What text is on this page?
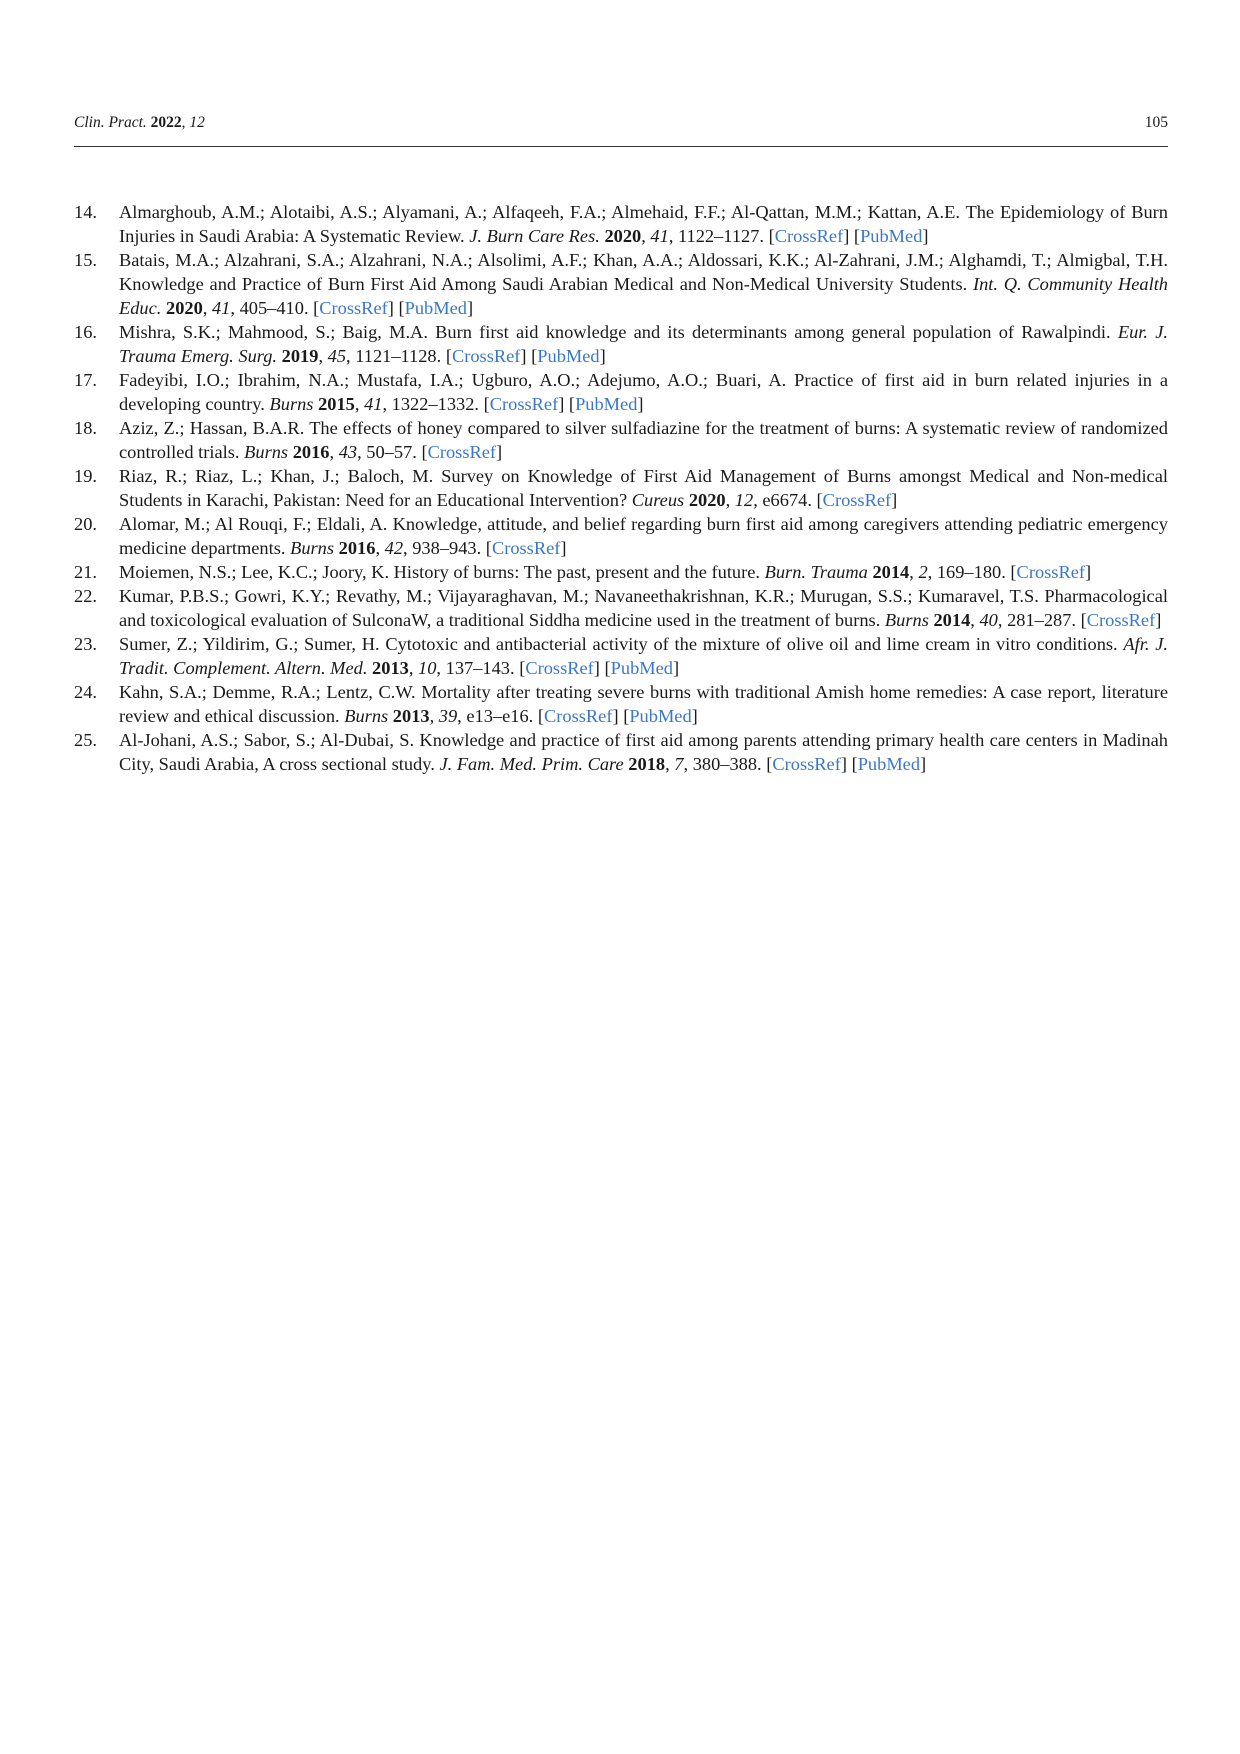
Clin. Pract. 2022, 12	105
14. Almarghoub, A.M.; Alotaibi, A.S.; Alyamani, A.; Alfaqeeh, F.A.; Almehaid, F.F.; Al-Qattan, M.M.; Kattan, A.E. The Epidemiology of Burn Injuries in Saudi Arabia: A Systematic Review. J. Burn Care Res. 2020, 41, 1122–1127. [CrossRef] [PubMed]
15. Batais, M.A.; Alzahrani, S.A.; Alzahrani, N.A.; Alsolimi, A.F.; Khan, A.A.; Aldossari, K.K.; Al-Zahrani, J.M.; Alghamdi, T.; Almigbal, T.H. Knowledge and Practice of Burn First Aid Among Saudi Arabian Medical and Non-Medical University Students. Int. Q. Community Health Educ. 2020, 41, 405–410. [CrossRef] [PubMed]
16. Mishra, S.K.; Mahmood, S.; Baig, M.A. Burn first aid knowledge and its determinants among general population of Rawalpindi. Eur. J. Trauma Emerg. Surg. 2019, 45, 1121–1128. [CrossRef] [PubMed]
17. Fadeyibi, I.O.; Ibrahim, N.A.; Mustafa, I.A.; Ugburo, A.O.; Adejumo, A.O.; Buari, A. Practice of first aid in burn related injuries in a developing country. Burns 2015, 41, 1322–1332. [CrossRef] [PubMed]
18. Aziz, Z.; Hassan, B.A.R. The effects of honey compared to silver sulfadiazine for the treatment of burns: A systematic review of randomized controlled trials. Burns 2016, 43, 50–57. [CrossRef]
19. Riaz, R.; Riaz, L.; Khan, J.; Baloch, M. Survey on Knowledge of First Aid Management of Burns amongst Medical and Non-medical Students in Karachi, Pakistan: Need for an Educational Intervention? Cureus 2020, 12, e6674. [CrossRef]
20. Alomar, M.; Al Rouqi, F.; Eldali, A. Knowledge, attitude, and belief regarding burn first aid among caregivers attending pediatric emergency medicine departments. Burns 2016, 42, 938–943. [CrossRef]
21. Moiemen, N.S.; Lee, K.C.; Joory, K. History of burns: The past, present and the future. Burn. Trauma 2014, 2, 169–180. [CrossRef]
22. Kumar, P.B.S.; Gowri, K.Y.; Revathy, M.; Vijayaraghavan, M.; Navaneethakrishnan, K.R.; Murugan, S.S.; Kumaravel, T.S. Pharmacological and toxicological evaluation of SulconaW, a traditional Siddha medicine used in the treatment of burns. Burns 2014, 40, 281–287. [CrossRef]
23. Sumer, Z.; Yildirim, G.; Sumer, H. Cytotoxic and antibacterial activity of the mixture of olive oil and lime cream in vitro conditions. Afr. J. Tradit. Complement. Altern. Med. 2013, 10, 137–143. [CrossRef] [PubMed]
24. Kahn, S.A.; Demme, R.A.; Lentz, C.W. Mortality after treating severe burns with traditional Amish home remedies: A case report, literature review and ethical discussion. Burns 2013, 39, e13–e16. [CrossRef] [PubMed]
25. Al-Johani, A.S.; Sabor, S.; Al-Dubai, S. Knowledge and practice of first aid among parents attending primary health care centers in Madinah City, Saudi Arabia, A cross sectional study. J. Fam. Med. Prim. Care 2018, 7, 380–388. [CrossRef] [PubMed]
